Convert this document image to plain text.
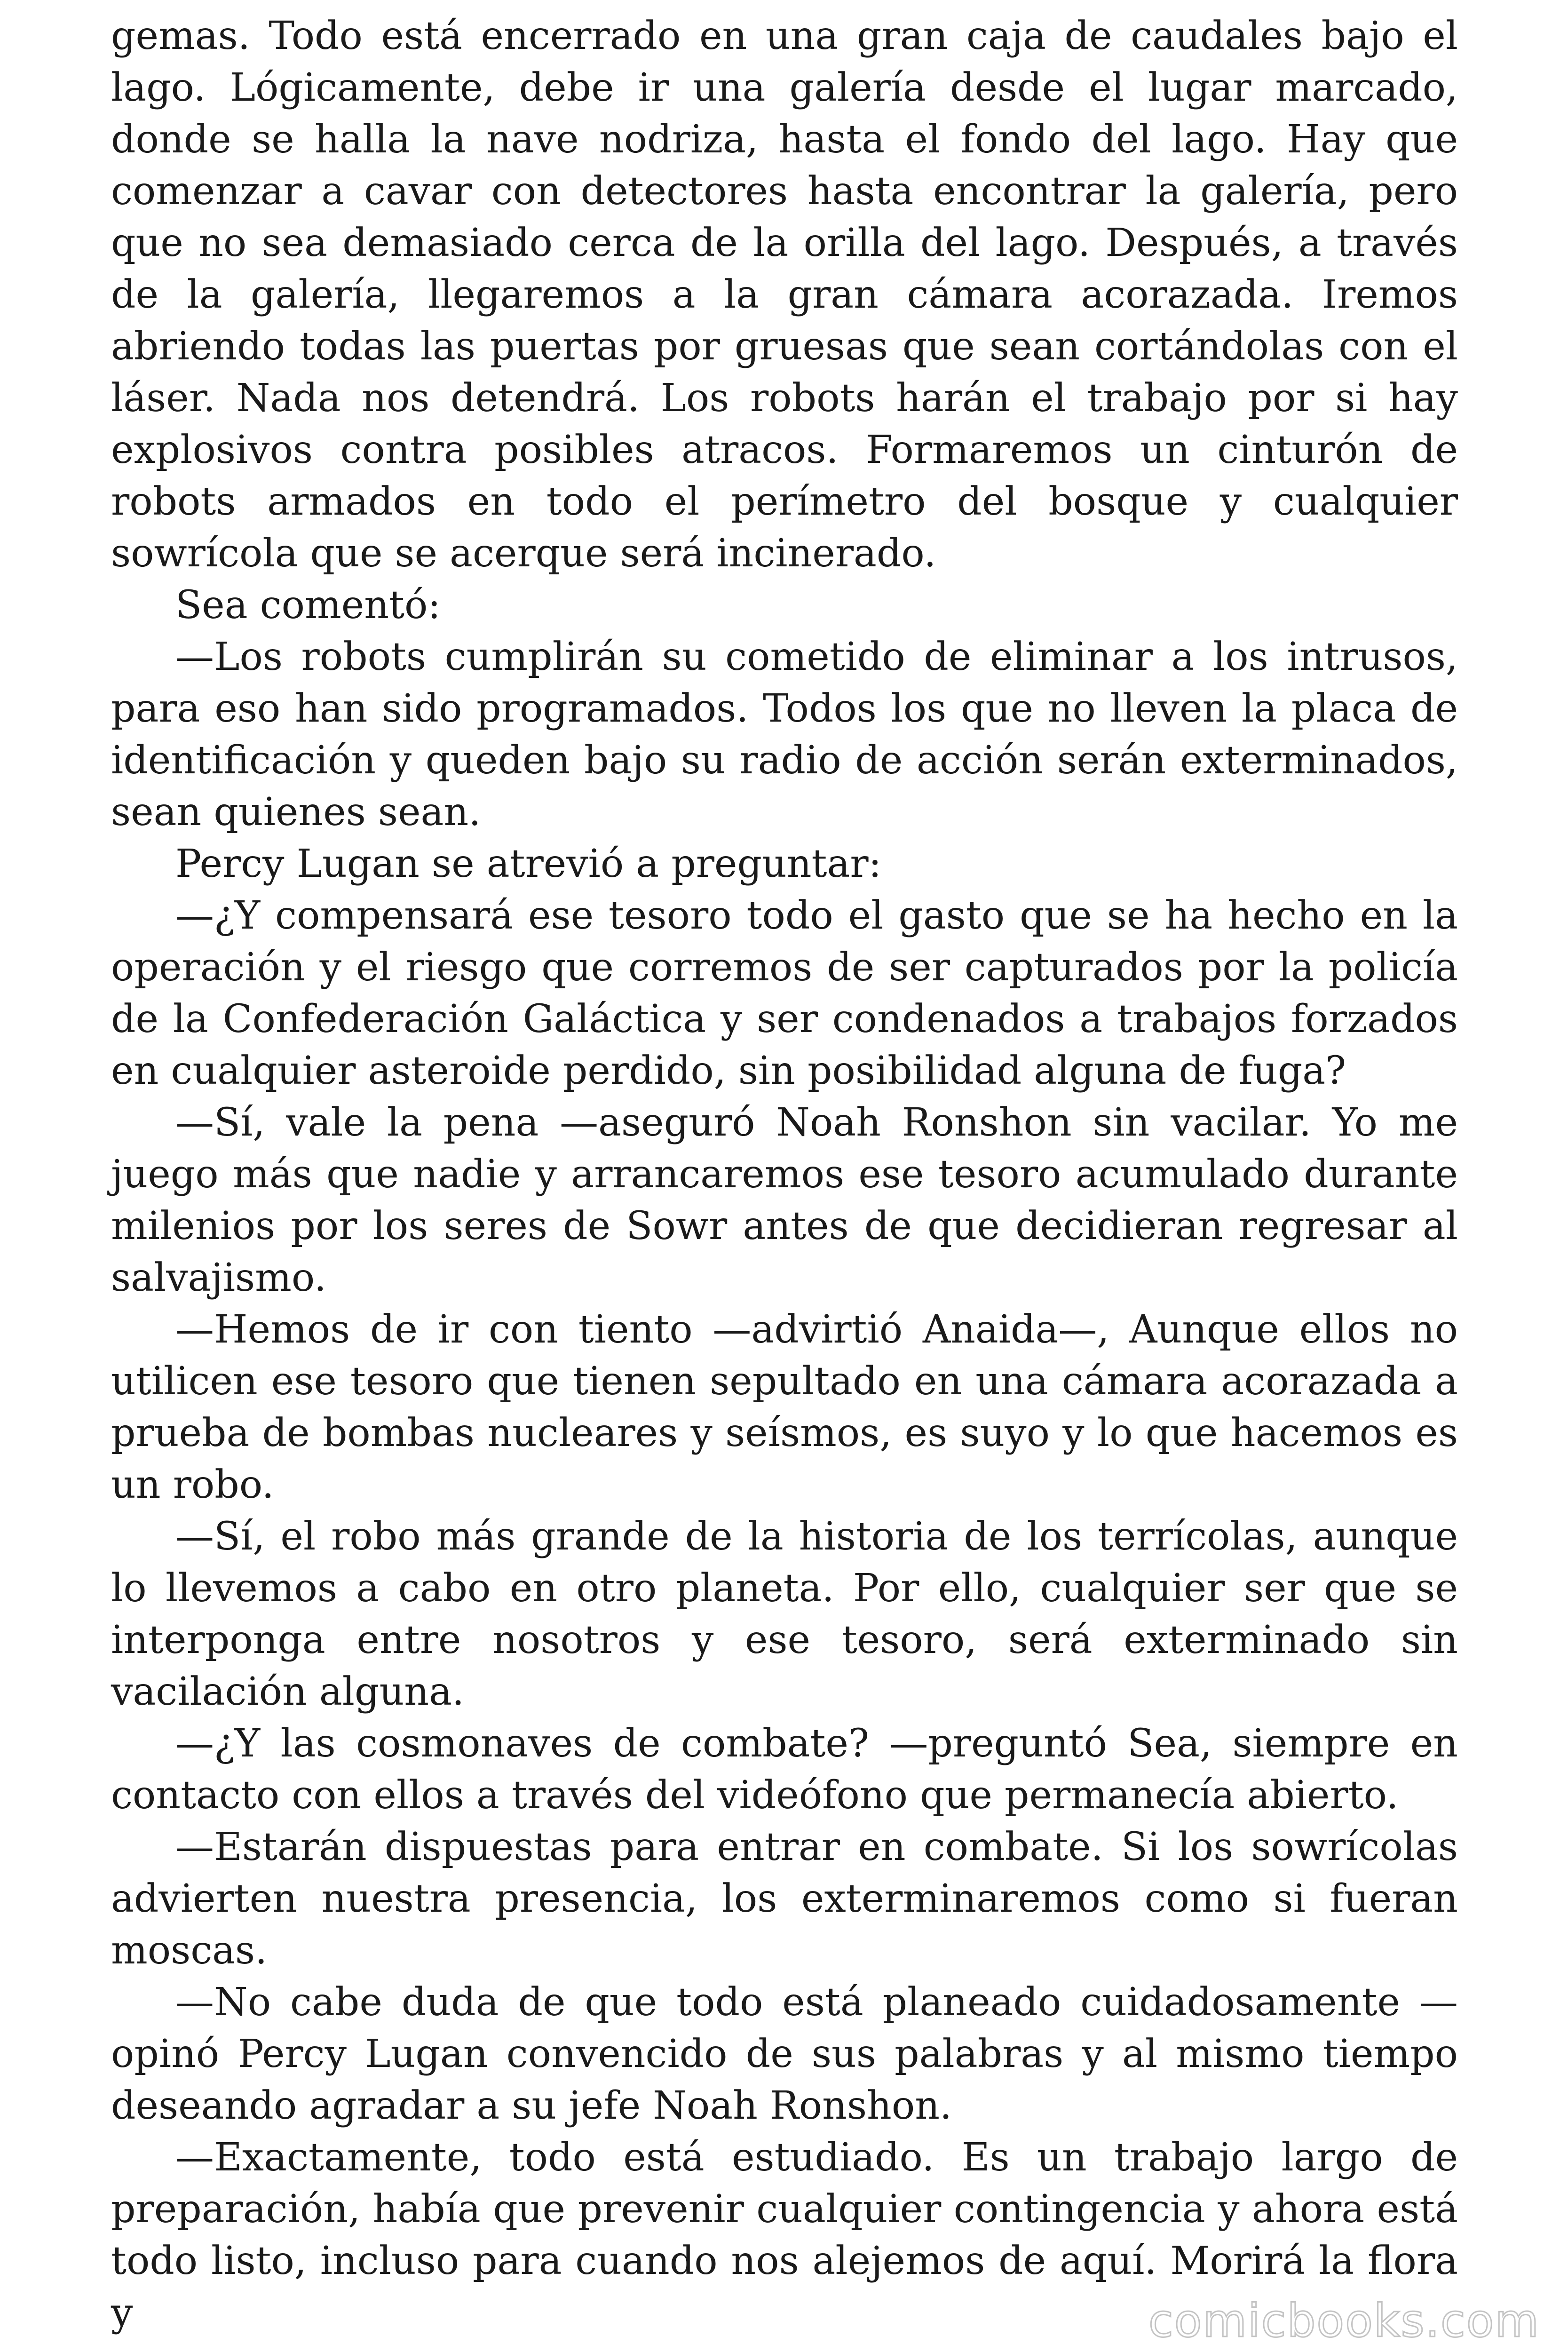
gemas. Todo está encerrado en una gran caja de caudales bajo el lago. Lógicamente, debe ir una galería desde el lugar marcado, donde se halla la nave nodriza, hasta el fondo del lago. Hay que comenzar a cavar con detectores hasta encontrar la galería, pero que no sea demasiado cerca de la orilla del lago. Después, a través de la galería, llegaremos a la gran cámara acorazada. Iremos abriendo todas las puertas por gruesas que sean cortándolas con el láser. Nada nos detendrá. Los robots harán el trabajo por si hay explosivos contra posibles atracos. Formaremos un cinturón de robots armados en todo el perímetro del bosque y cualquier sowrícola que se acerque será incinerado.

Sea comentó:

—Los robots cumplirán su cometido de eliminar a los intrusos, para eso han sido programados. Todos los que no lleven la placa de identificación y queden bajo su radio de acción serán exterminados, sean quienes sean.

Percy Lugan se atrevió a preguntar:

—¿Y compensará ese tesoro todo el gasto que se ha hecho en la operación y el riesgo que corremos de ser capturados por la policía de la Confederación Galáctica y ser condenados a trabajos forzados en cualquier asteroide perdido, sin posibilidad alguna de fuga?

—Sí, vale la pena —aseguró Noah Ronshon sin vacilar. Yo me juego más que nadie y arrancaremos ese tesoro acumulado durante milenios por los seres de Sowr antes de que decidieran regresar al salvajismo.

—Hemos de ir con tiento —advirtió Anaida—, Aunque ellos no utilicen ese tesoro que tienen sepultado en una cámara acorazada a prueba de bombas nucleares y seísmos, es suyo y lo que hacemos es un robo.

—Sí, el robo más grande de la historia de los terrícolas, aunque lo llevemos a cabo en otro planeta. Por ello, cualquier ser que se interponga entre nosotros y ese tesoro, será exterminado sin vacilación alguna.

—¿Y las cosmonaves de combate? —preguntó Sea, siempre en contacto con ellos a través del videófono que permanecía abierto.

—Estarán dispuestas para entrar en combate. Si los sowrícolas advierten nuestra presencia, los exterminaremos como si fueran moscas.

—No cabe duda de que todo está planeado cuidadosamente — opinó Percy Lugan convencido de sus palabras y al mismo tiempo deseando agradar a su jefe Noah Ronshon.

—Exactamente, todo está estudiado. Es un trabajo largo de preparación, había que prevenir cualquier contingencia y ahora está todo listo, incluso para cuando nos alejemos de aquí. Morirá la flora y	comicbooks.com
